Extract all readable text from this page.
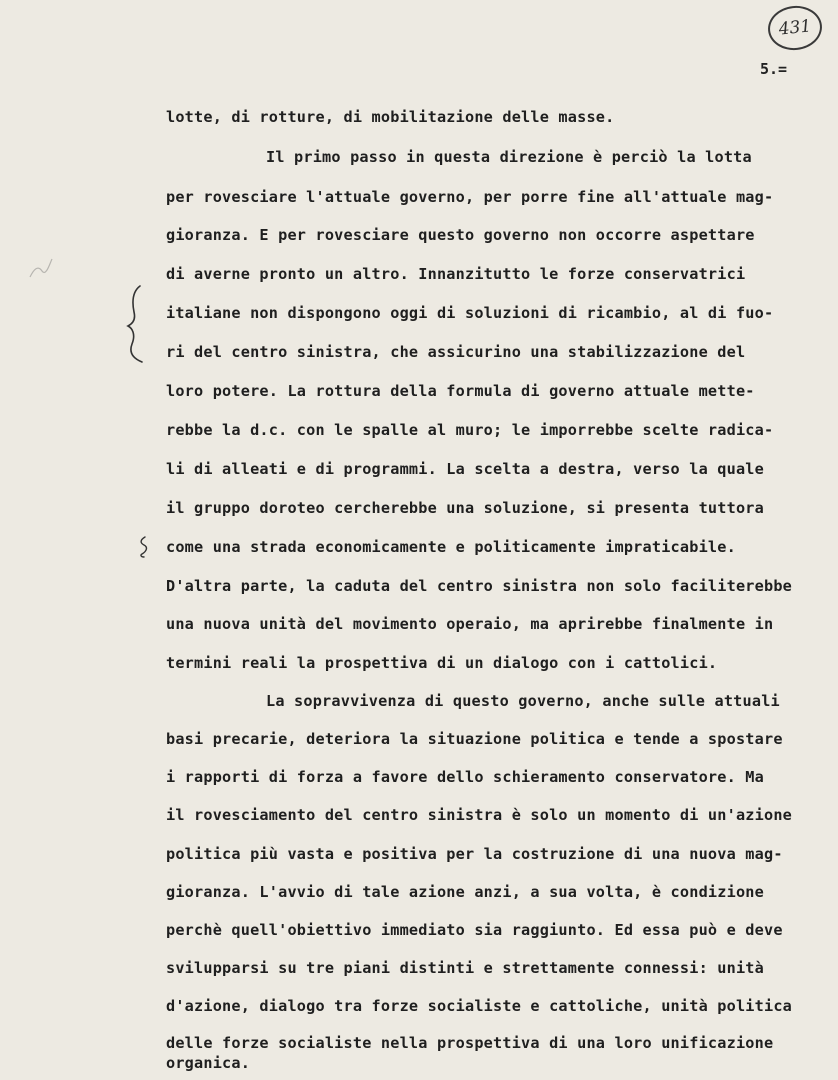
431
5.=
lotte, di rotture, di mobilitazione delle masse.
Il primo passo in questa direzione è perciò la lotta
per rovesciare l'attuale governo, per porre fine all'attuale mag-
gioranza. E per rovesciare questo governo non occorre aspettare
di averne pronto un altro. Innanzitutto le forze conservatrici
italiane non dispongono oggi di soluzioni di ricambio, al di fuo-
ri del centro sinistra, che assicurino una stabilizzazione del
loro potere. La rottura della formula di governo attuale mette-
rebbe la d.c. con le spalle al muro; le imporrebbe scelte radica-
li di alleati e di programmi. La scelta a destra, verso la quale
il gruppo doroteo cercherebbe una soluzione, si presenta tuttora
come una strada economicamente e politicamente impraticabile.
D'altra parte, la caduta del centro sinistra non solo faciliterebbe
una nuova unità del movimento operaio, ma aprirebbe finalmente in
termini reali la prospettiva di un dialogo con i cattolici.
La sopravvivenza di questo governo, anche sulle attuali
basi precarie, deteriora la situazione politica e tende a spostare
i rapporti di forza a favore dello schieramento conservatore. Ma
il rovesciamento del centro sinistra è solo un momento di un'azione
politica più vasta e positiva per la costruzione di una nuova mag-
gioranza. L'avvio di tale azione anzi, a sua volta, è condizione
perchè quell'obiettivo immediato sia raggiunto. Ed essa può e deve
svilupparsi su tre piani distinti e strettamente connessi: unità
d'azione, dialogo tra forze socialiste e cattoliche, unità politica
delle forze socialiste nella prospettiva di una loro unificazione
organica.
